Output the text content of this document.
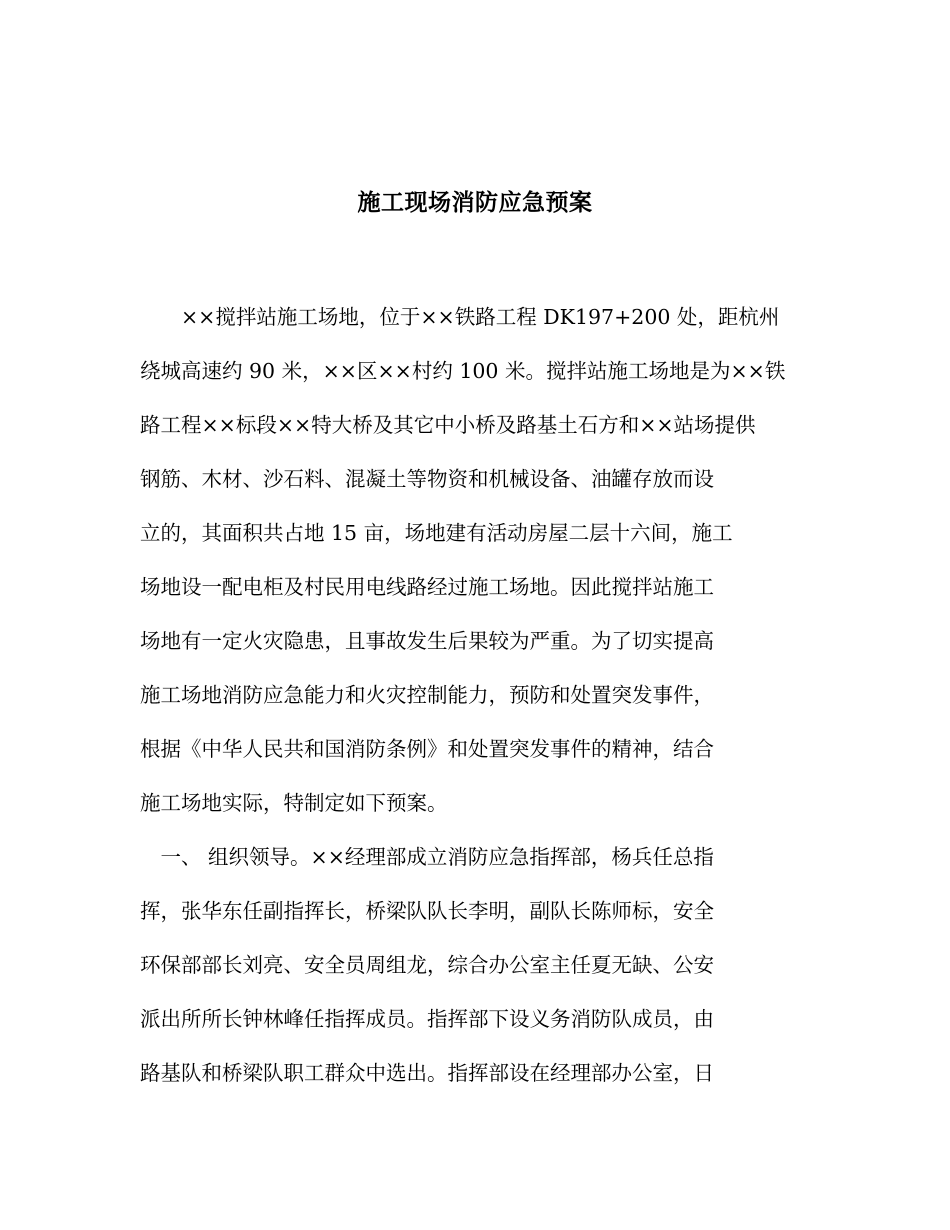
施工现场消防应急预案
　　××搅拌站施工场地，位于××铁路工程 DK197+200 处，距杭州
绕城高速约 90 米，××区××村约 100 米。搅拌站施工场地是为××铁
路工程××标段××特大桥及其它中小桥及路基土石方和××站场提供
钢筋、木材、沙石料、混凝土等物资和机械设备、油罐存放而设
立的，其面积共占地 15 亩，场地建有活动房屋二层十六间，施工
场地设一配电柜及村民用电线路经过施工场地。因此搅拌站施工
场地有一定火灾隐患，且事故发生后果较为严重。为了切实提高
施工场地消防应急能力和火灾控制能力，预防和处置突发事件，
根据《中华人民共和国消防条例》和处置突发事件的精神，结合
施工场地实际，特制定如下预案。
　一、 组织领导。××经理部成立消防应急指挥部，杨兵任总指
挥，张华东任副指挥长，桥梁队队长李明，副队长陈师标，安全
环保部部长刘亮、安全员周组龙，综合办公室主任夏无缺、公安
派出所所长钟林峰任指挥成员。指挥部下设义务消防队成员，由
路基队和桥梁队职工群众中选出。指挥部设在经理部办公室，日
